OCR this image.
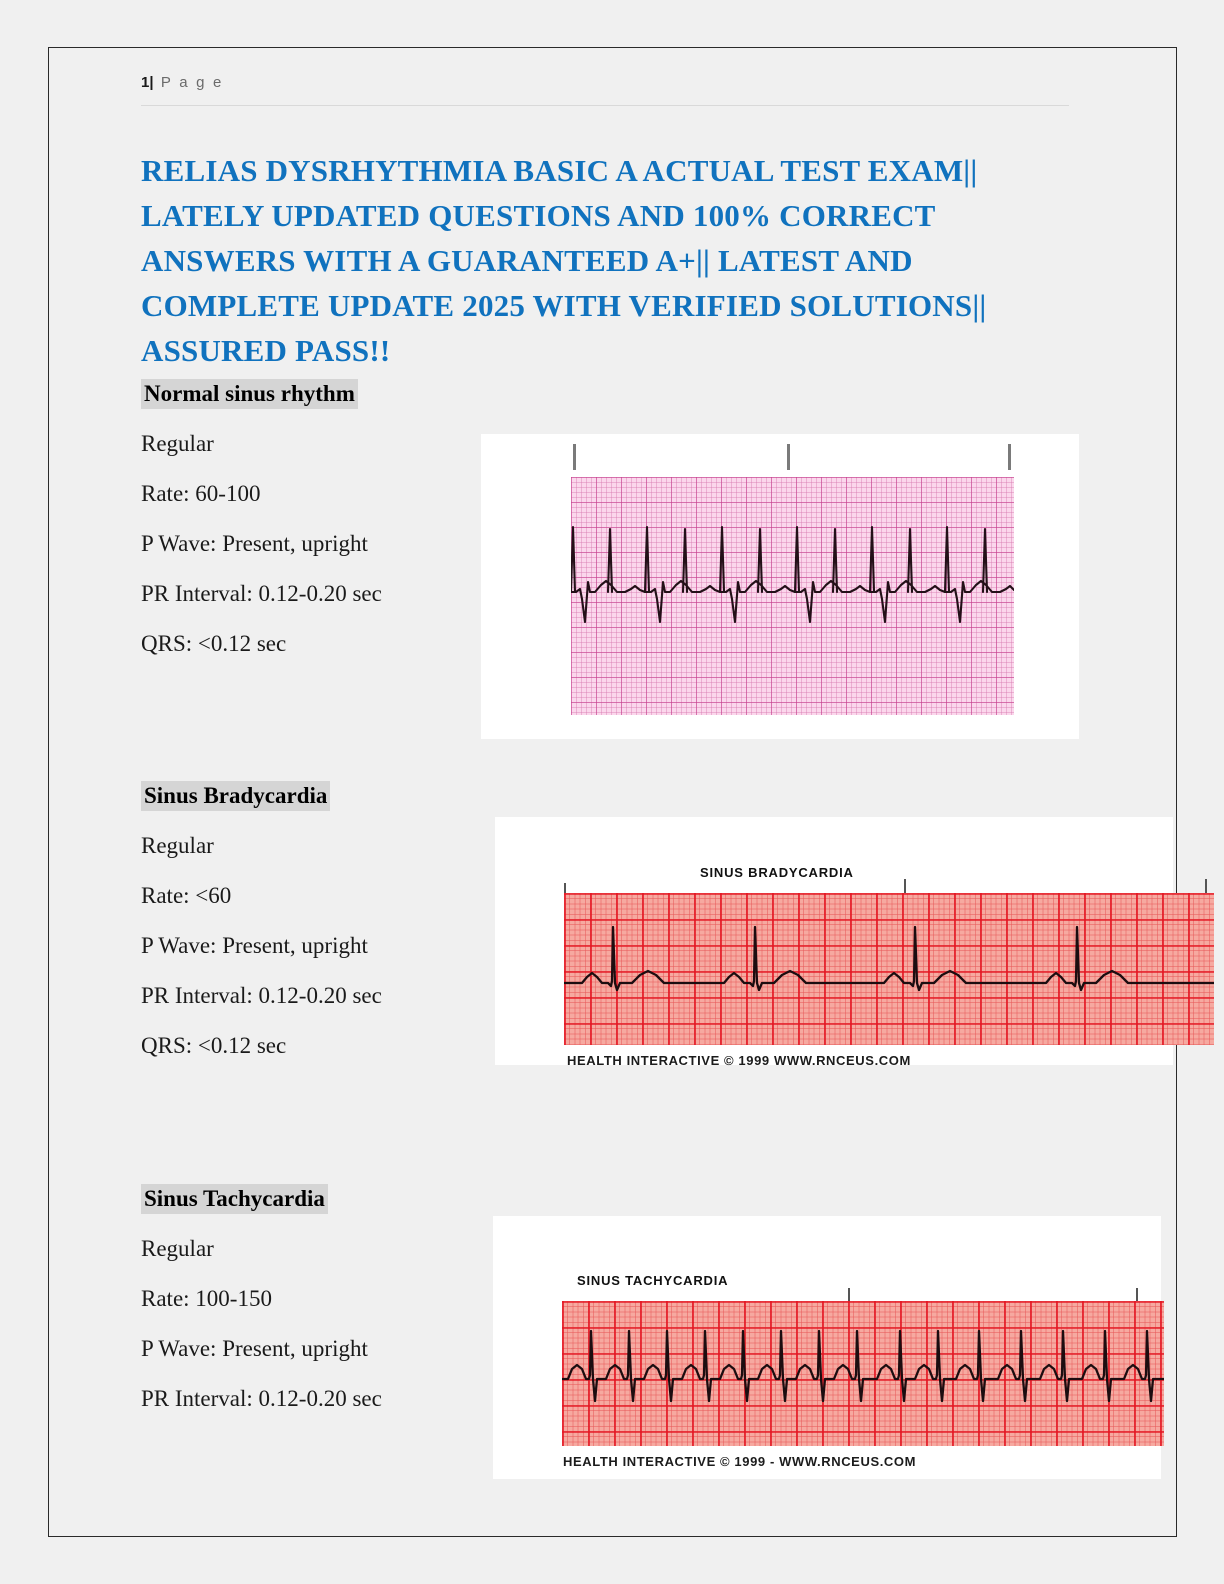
1| P a g e
RELIAS DYSRHYTHMIA BASIC A ACTUAL TEST EXAM|| LATELY UPDATED QUESTIONS AND 100% CORRECT ANSWERS WITH A GUARANTEED A+|| LATEST AND COMPLETE UPDATE 2025 WITH VERIFIED SOLUTIONS|| ASSURED PASS!!
Normal sinus rhythm
Regular
Rate: 60-100
P Wave: Present, upright
PR Interval: 0.12-0.20 sec
QRS: <0.12 sec
Sinus Bradycardia
Regular
Rate: <60
P Wave: Present, upright
PR Interval: 0.12-0.20 sec
QRS: <0.12 sec
SINUS BRADYCARDIA
HEALTH INTERACTIVE © 1999 WWW.RNCEUS.COM
Sinus Tachycardia
Regular
Rate: 100-150
P Wave: Present, upright
PR Interval: 0.12-0.20 sec
SINUS TACHYCARDIA
HEALTH INTERACTIVE © 1999 - WWW.RNCEUS.COM
